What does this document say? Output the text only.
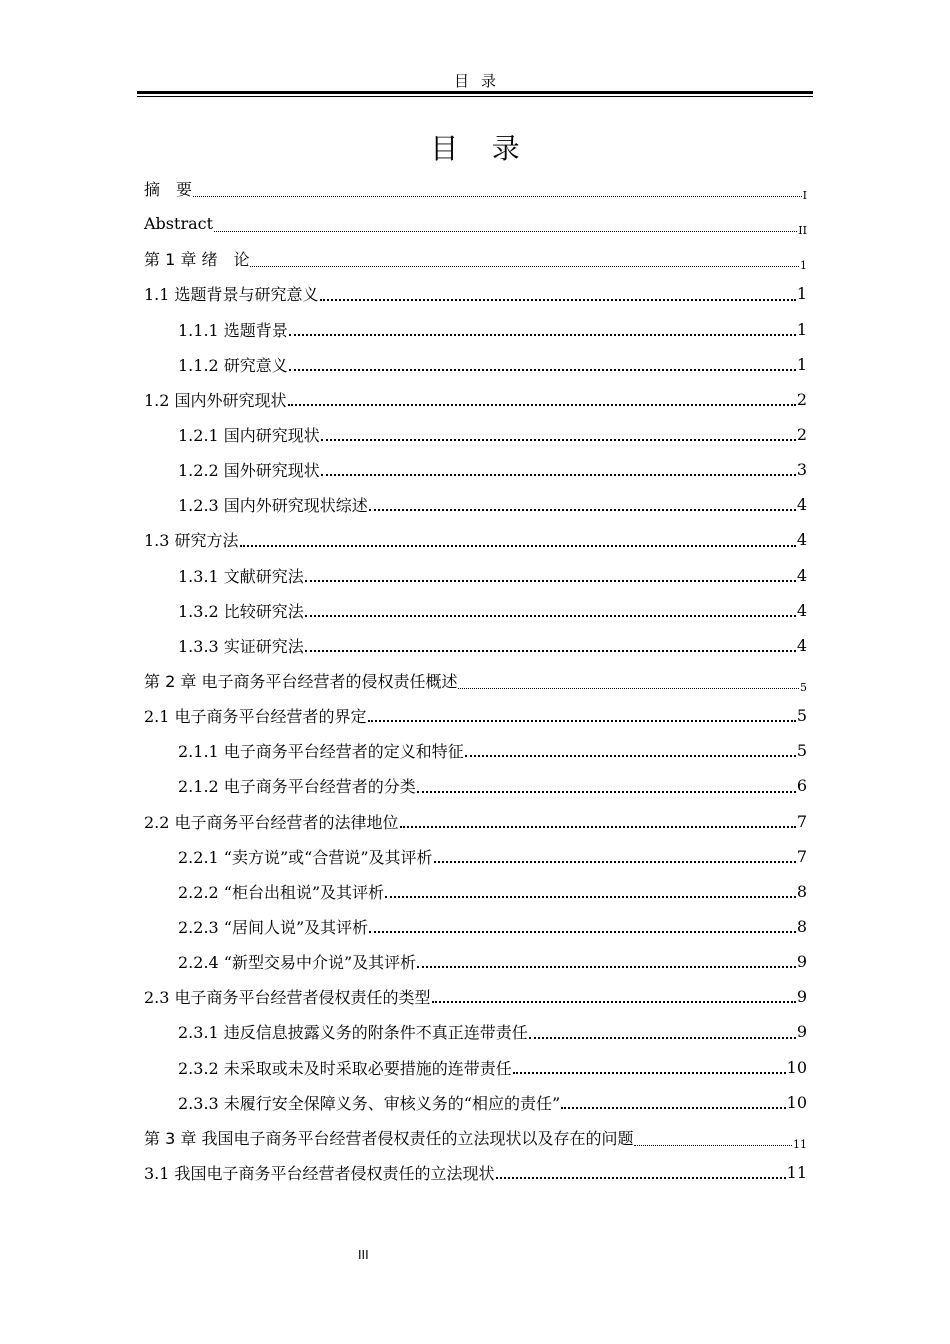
目录
目录
摘　要	I
Abstract	II
第 1 章 绪　论	1
1.1 选题背景与研究意义	1
1.1.1 选题背景	1
1.1.2 研究意义	1
1.2 国内外研究现状	2
1.2.1 国内研究现状	2
1.2.2 国外研究现状	3
1.2.3 国内外研究现状综述	4
1.3 研究方法	4
1.3.1 文献研究法	4
1.3.2 比较研究法	4
1.3.3 实证研究法	4
第 2 章 电子商务平台经营者的侵权责任概述	5
2.1 电子商务平台经营者的界定	5
2.1.1 电子商务平台经营者的定义和特征	5
2.1.2 电子商务平台经营者的分类	6
2.2 电子商务平台经营者的法律地位	7
2.2.1 “卖方说”或“合营说”及其评析	7
2.2.2 “柜台出租说”及其评析	8
2.2.3 “居间人说”及其评析	8
2.2.4 “新型交易中介说”及其评析	9
2.3 电子商务平台经营者侵权责任的类型	9
2.3.1 违反信息披露义务的附条件不真正连带责任	9
2.3.2 未采取或未及时采取必要措施的连带责任	10
2.3.3 未履行安全保障义务、审核义务的“相应的责任”	10
第 3 章 我国电子商务平台经营者侵权责任的立法现状以及存在的问题	11
3.1 我国电子商务平台经营者侵权责任的立法现状	11
III
